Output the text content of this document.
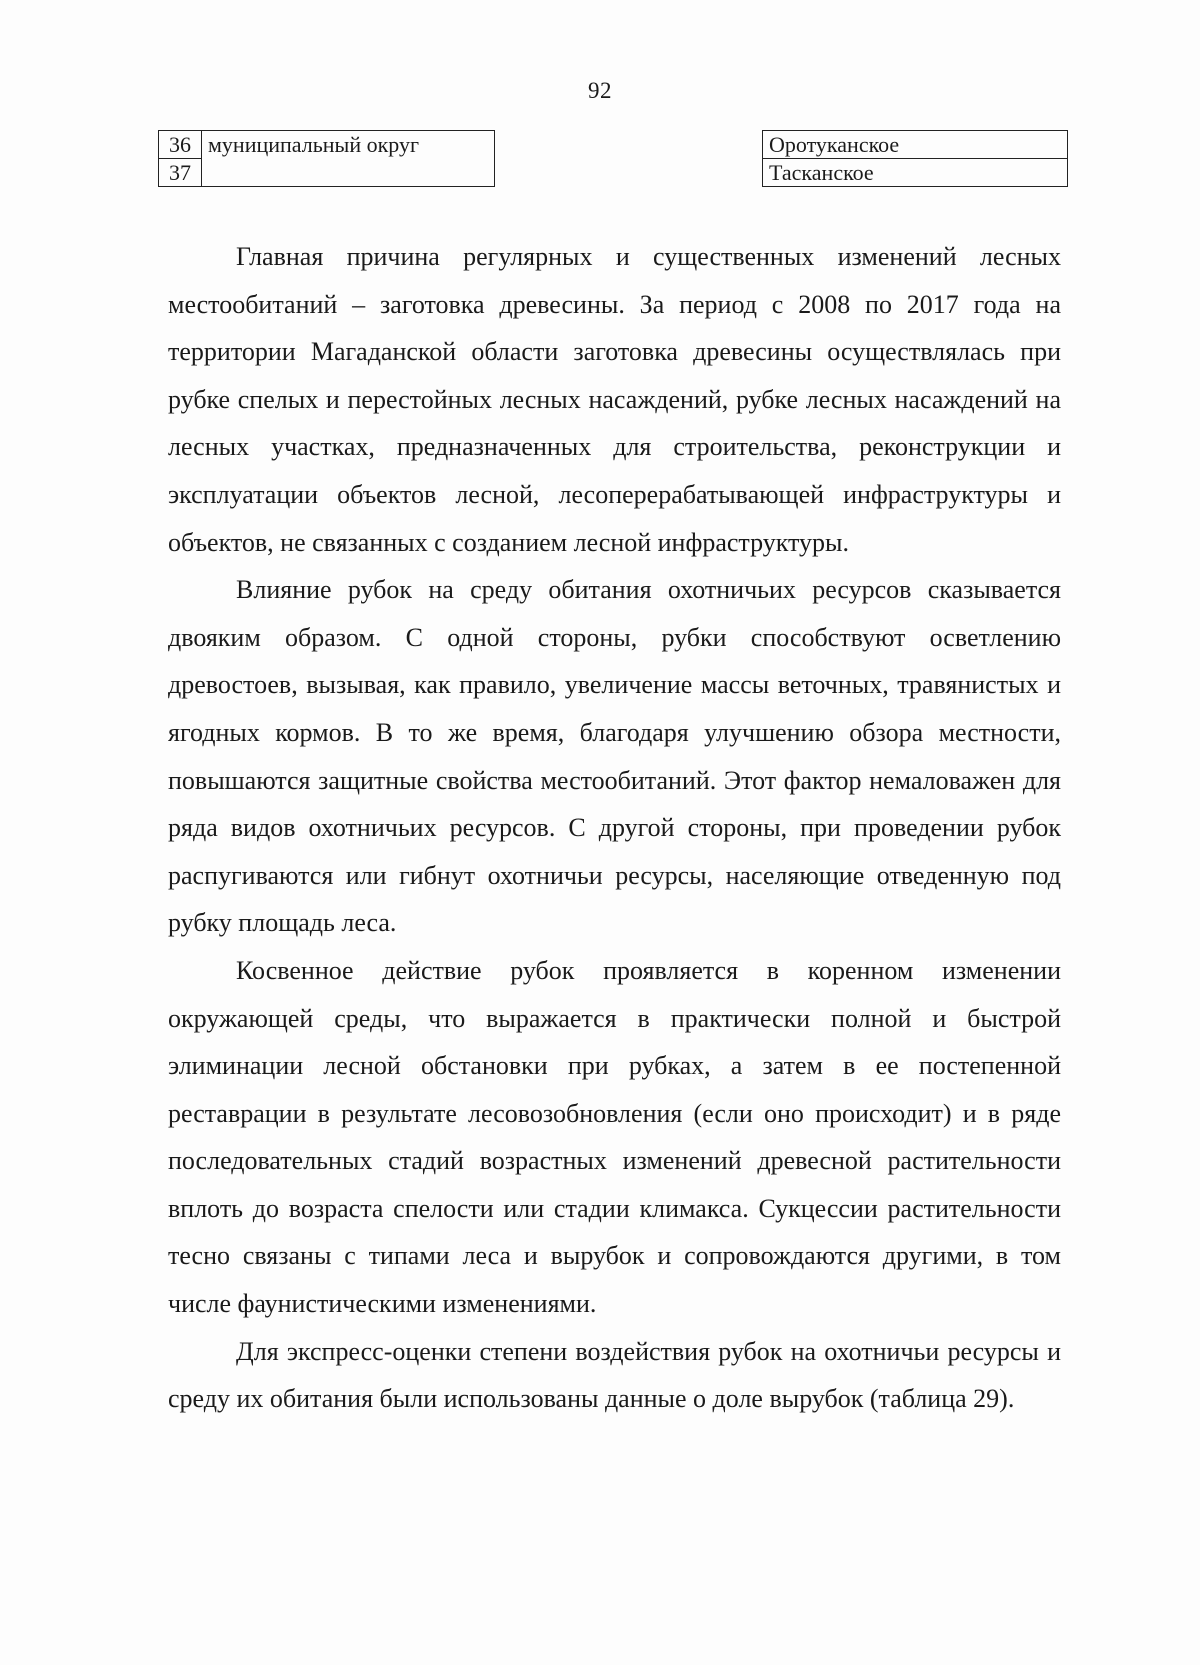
92
36	муниципальный округ		Оротуканское
37			Тасканское

Главная причина регулярных и существенных изменений лесных местообитаний – заготовка древесины. За период с 2008 по 2017 года на территории Магаданской области заготовка древесины осуществлялась при рубке спелых и перестойных лесных насаждений, рубке лесных насаждений на лесных участках, предназначенных для строительства, реконструкции и эксплуатации объектов лесной, лесоперерабатывающей инфраструктуры и объектов, не связанных с созданием лесной инфраструктуры.

Влияние рубок на среду обитания охотничьих ресурсов сказывается двояким образом. С одной стороны, рубки способствуют осветлению древостоев, вызывая, как правило, увеличение массы веточных, травянистых и ягодных кормов. В то же время, благодаря улучшению обзора местности, повышаются защитные свойства местообитаний. Этот фактор немаловажен для ряда видов охотничьих ресурсов. С другой стороны, при проведении рубок распугиваются или гибнут охотничьи ресурсы, населяющие отведенную под рубку площадь леса.

Косвенное действие рубок проявляется в коренном изменении окружающей среды, что выражается в практически полной и быстрой элиминации лесной обстановки при рубках, а затем в ее постепенной реставрации в результате лесовозобновления (если оно происходит) и в ряде последовательных стадий возрастных изменений древесной растительности вплоть до возраста спелости или стадии климакса. Сукцессии растительности тесно связаны с типами леса и вырубок и сопровождаются другими, в том числе фаунистическими изменениями.

Для экспресс-оценки степени воздействия рубок на охотничьи ресурсы и среду их обитания были использованы данные о доле вырубок (таблица 29).
